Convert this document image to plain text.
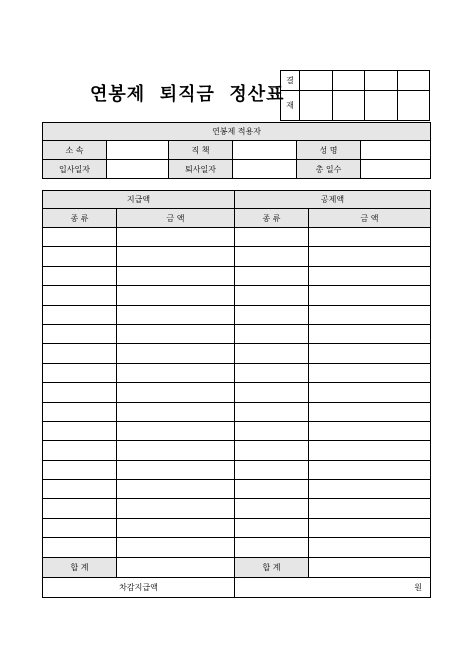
연봉제  퇴직금  정산표
결				
재				
연봉제 적용자					
소 속		직 책		성 명	
입사일자		퇴사일자		총 일수	
지급액		공제액	
종 류	금 액	종 류	금 액

합 계		합 계	
차감지급액		원	
